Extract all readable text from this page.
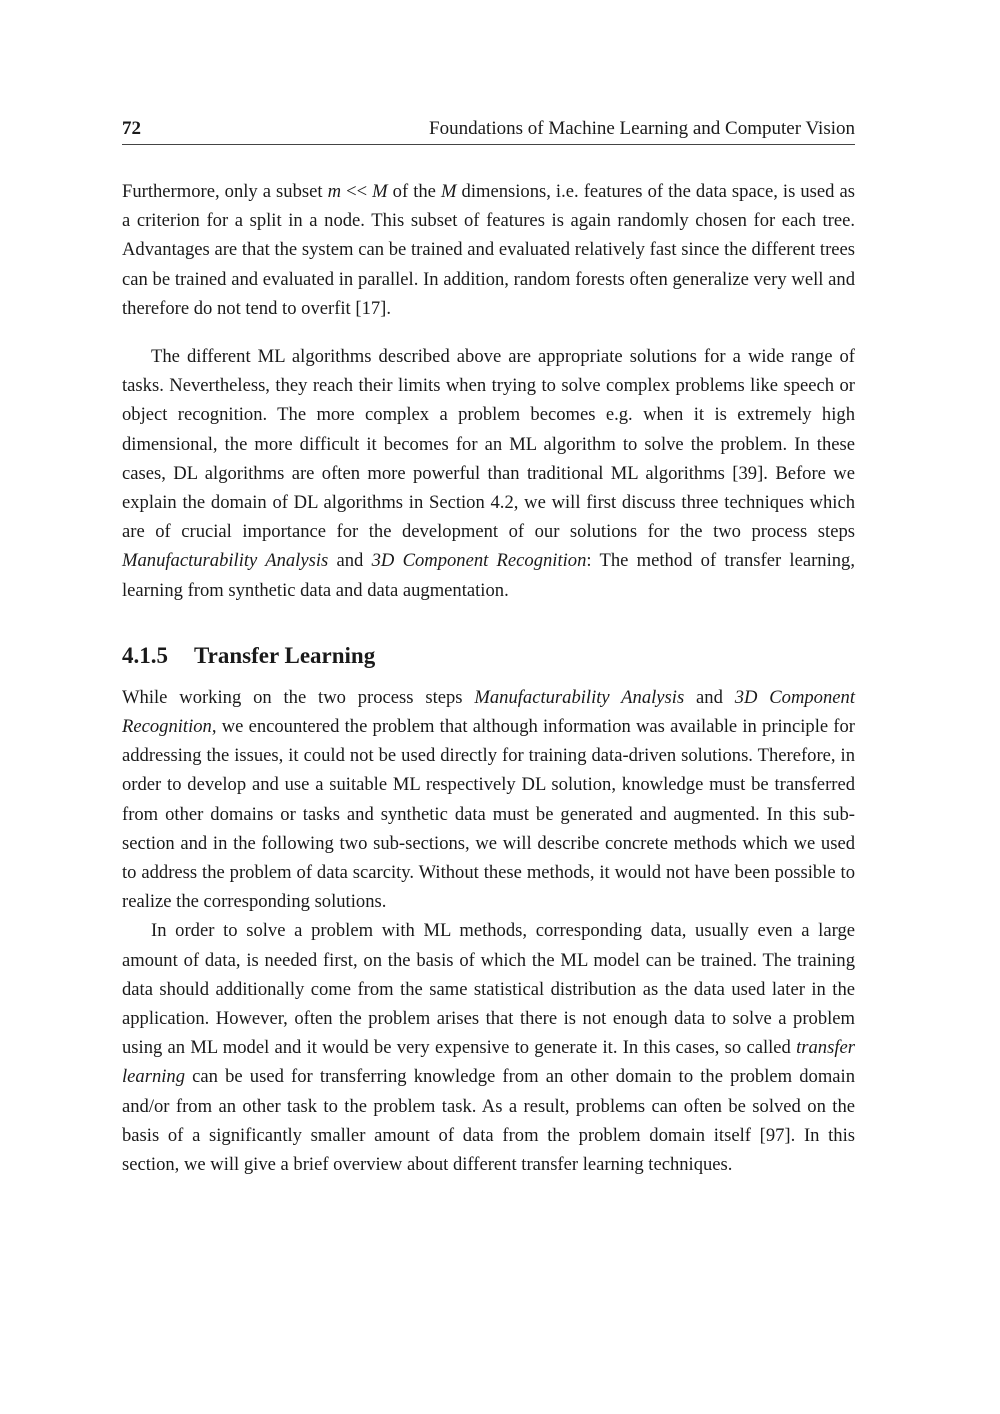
72	Foundations of Machine Learning and Computer Vision

Furthermore, only a subset m << M of the M dimensions, i.e. features of the data space, is used as a criterion for a split in a node. This subset of features is again randomly chosen for each tree. Advantages are that the system can be trained and evaluated relatively fast since the different trees can be trained and evaluated in parallel. In addition, random forests often generalize very well and therefore do not tend to overfit [17].

The different ML algorithms described above are appropriate solutions for a wide range of tasks. Nevertheless, they reach their limits when trying to solve complex problems like speech or object recognition. The more complex a problem becomes e.g. when it is extremely high dimensional, the more difficult it becomes for an ML algorithm to solve the problem. In these cases, DL algorithms are often more powerful than traditional ML algorithms [39]. Before we explain the domain of DL algorithms in Section 4.2, we will first discuss three techniques which are of crucial importance for the development of our solutions for the two process steps Manufacturability Analysis and 3D Component Recognition: The method of transfer learning, learning from synthetic data and data augmentation.

4.1.5	Transfer Learning

While working on the two process steps Manufacturability Analysis and 3D Component Recognition, we encountered the problem that although information was available in principle for addressing the issues, it could not be used directly for training data-driven solutions. Therefore, in order to develop and use a suitable ML respectively DL solution, knowledge must be transferred from other domains or tasks and synthetic data must be generated and augmented. In this sub-section and in the following two sub-sections, we will describe concrete methods which we used to address the problem of data scarcity. Without these methods, it would not have been possible to realize the corresponding solutions.

In order to solve a problem with ML methods, corresponding data, usually even a large amount of data, is needed first, on the basis of which the ML model can be trained. The training data should additionally come from the same statistical distribution as the data used later in the application. However, often the problem arises that there is not enough data to solve a problem using an ML model and it would be very expensive to generate it. In this cases, so called transfer learning can be used for transferring knowledge from an other domain to the problem domain and/or from an other task to the problem task. As a result, problems can often be solved on the basis of a significantly smaller amount of data from the problem domain itself [97]. In this section, we will give a brief overview about different transfer learning techniques.
